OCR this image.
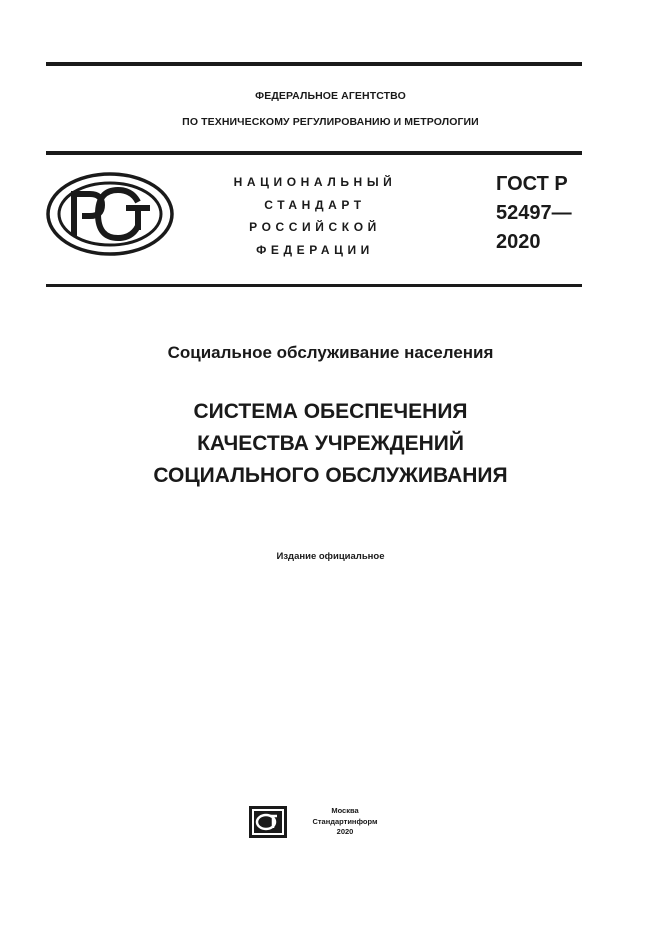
ФЕДЕРАЛЬНОЕ АГЕНТСТВО
ПО ТЕХНИЧЕСКОМУ РЕГУЛИРОВАНИЮ И МЕТРОЛОГИИ
НАЦИОНАЛЬНЫЙ
СТАНДАРТ
РОССИЙСКОЙ
ФЕДЕРАЦИИ
ГОСТ Р
52497—
2020
Социальное обслуживание населения
СИСТЕМА ОБЕСПЕЧЕНИЯ
КАЧЕСТВА УЧРЕЖДЕНИЙ
СОЦИАЛЬНОГО ОБСЛУЖИВАНИЯ
Издание официальное
Москва
Стандартинформ
2020
